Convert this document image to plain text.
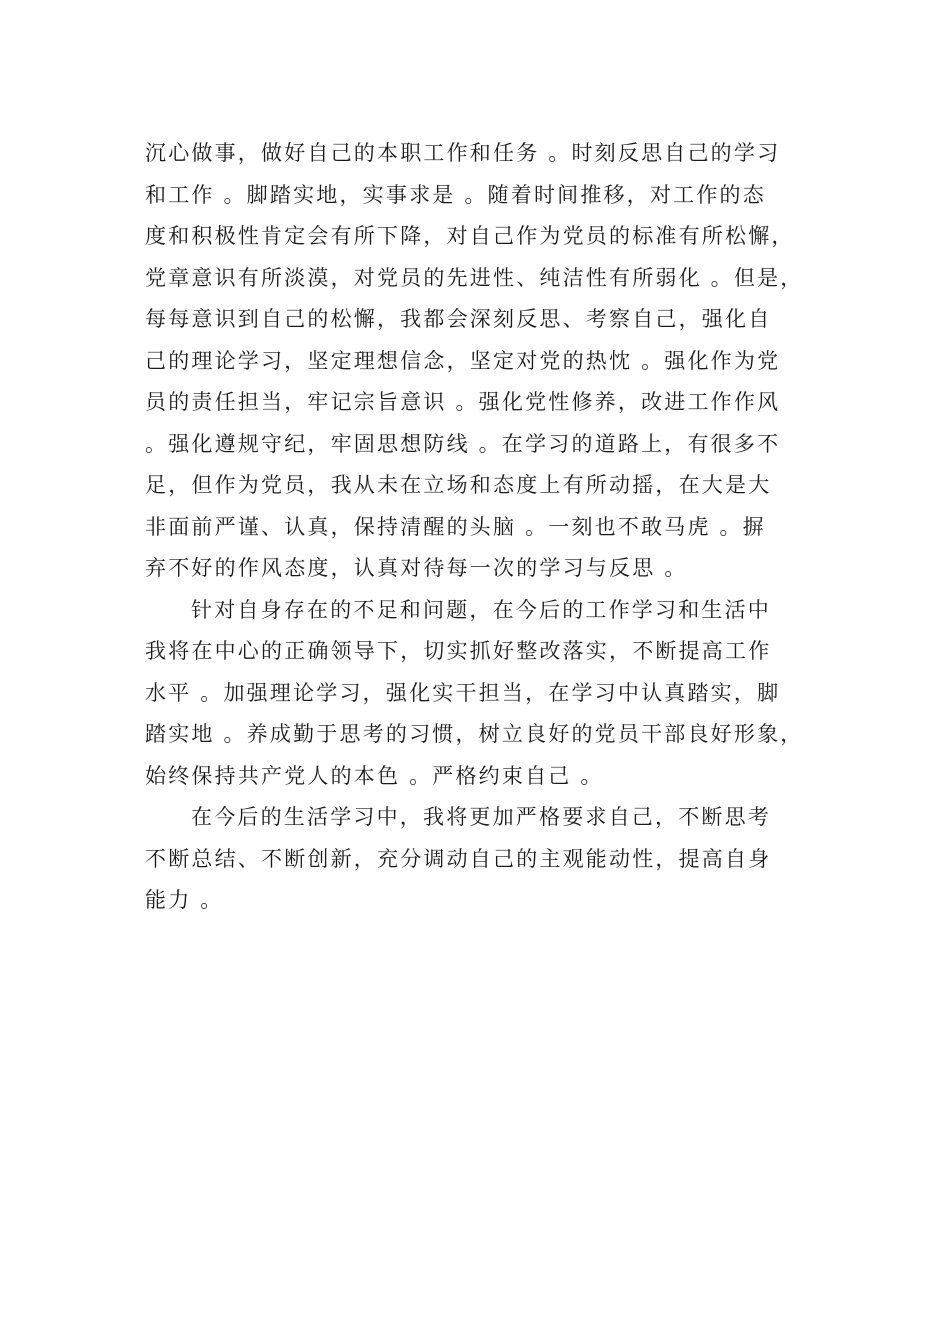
沉心做事，做好自己的本职工作和任务 。时刻反思自己的学习
和工作 。脚踏实地，实事求是 。随着时间推移，对工作的态
度和积极性肯定会有所下降，对自己作为党员的标准有所松懈，
党章意识有所淡漠，对党员的先进性、纯洁性有所弱化 。但是，
每每意识到自己的松懈，我都会深刻反思、考察自己，强化自
己的理论学习，坚定理想信念，坚定对党的热忱 。强化作为党
员的责任担当，牢记宗旨意识 。强化党性修养，改进工作作风
。强化遵规守纪，牢固思想防线 。在学习的道路上，有很多不
足，但作为党员，我从未在立场和态度上有所动摇，在大是大
非面前严谨、认真，保持清醒的头脑 。一刻也不敢马虎 。摒
弃不好的作风态度，认真对待每一次的学习与反思 。
针对自身存在的不足和问题，在今后的工作学习和生活中
我将在中心的正确领导下，切实抓好整改落实，不断提高工作
水平 。加强理论学习，强化实干担当，在学习中认真踏实，脚
踏实地 。养成勤于思考的习惯，树立良好的党员干部良好形象，
始终保持共产党人的本色 。严格约束自己 。
在今后的生活学习中，我将更加严格要求自己，不断思考
不断总结、不断创新，充分调动自己的主观能动性，提高自身
能力 。
